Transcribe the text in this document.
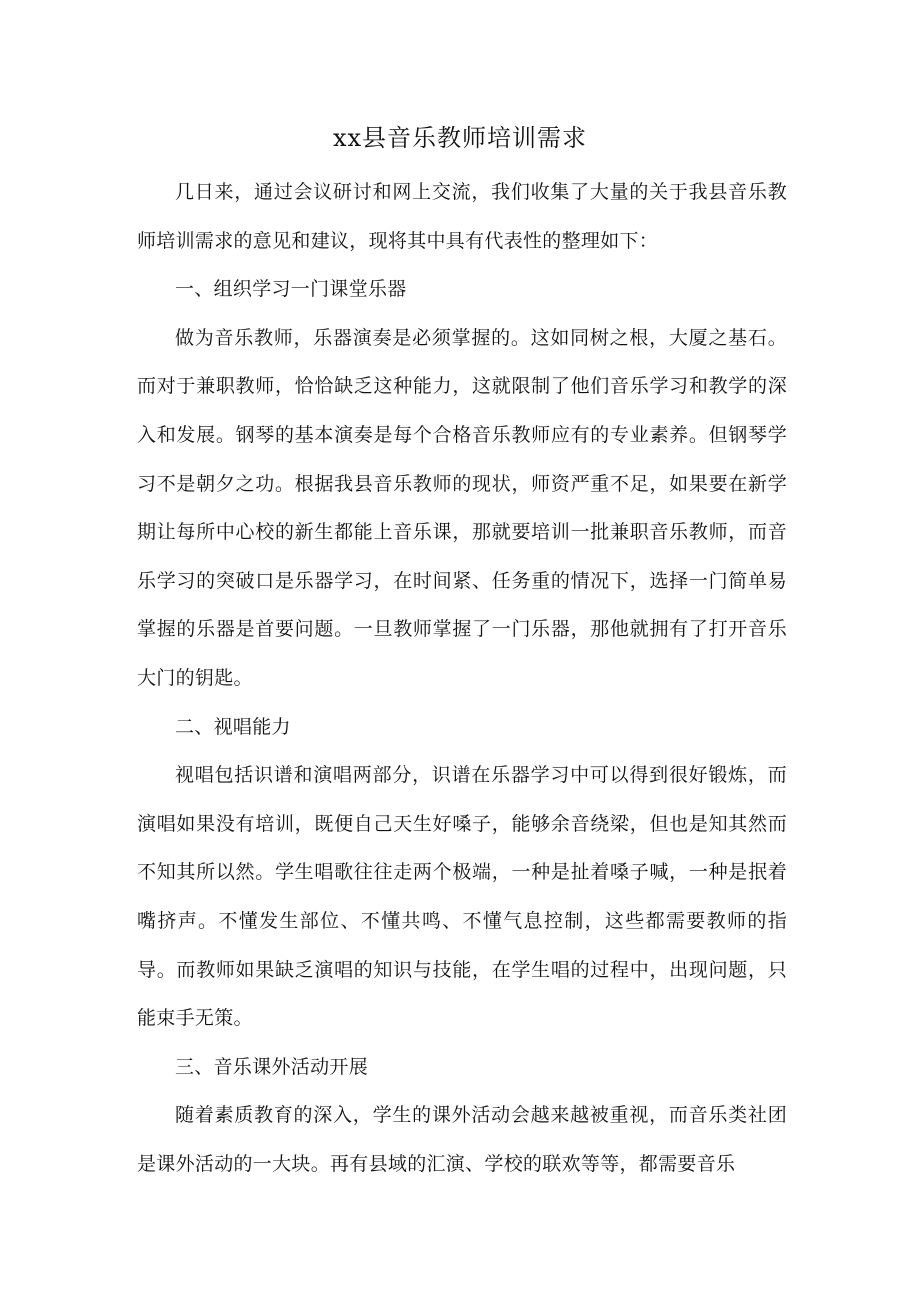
xx县音乐教师培训需求

几日来，通过会议研讨和网上交流，我们收集了大量的关于我县音乐教师培训需求的意见和建议，现将其中具有代表性的整理如下：

一、组织学习一门课堂乐器

做为音乐教师，乐器演奏是必须掌握的。这如同树之根，大厦之基石。而对于兼职教师，恰恰缺乏这种能力，这就限制了他们音乐学习和教学的深入和发展。钢琴的基本演奏是每个合格音乐教师应有的专业素养。但钢琴学习不是朝夕之功。根据我县音乐教师的现状，师资严重不足，如果要在新学期让每所中心校的新生都能上音乐课，那就要培训一批兼职音乐教师，而音乐学习的突破口是乐器学习，在时间紧、任务重的情况下，选择一门简单易掌握的乐器是首要问题。一旦教师掌握了一门乐器，那他就拥有了打开音乐大门的钥匙。

二、视唱能力

视唱包括识谱和演唱两部分，识谱在乐器学习中可以得到很好锻炼，而演唱如果没有培训，既便自己天生好嗓子，能够余音绕梁，但也是知其然而不知其所以然。学生唱歌往往走两个极端，一种是扯着嗓子喊，一种是抿着嘴挤声。不懂发生部位、不懂共鸣、不懂气息控制，这些都需要教师的指导。而教师如果缺乏演唱的知识与技能，在学生唱的过程中，出现问题，只能束手无策。

三、音乐课外活动开展

随着素质教育的深入，学生的课外活动会越来越被重视，而音乐类社团是课外活动的一大块。再有县域的汇演、学校的联欢等等，都需要音乐
